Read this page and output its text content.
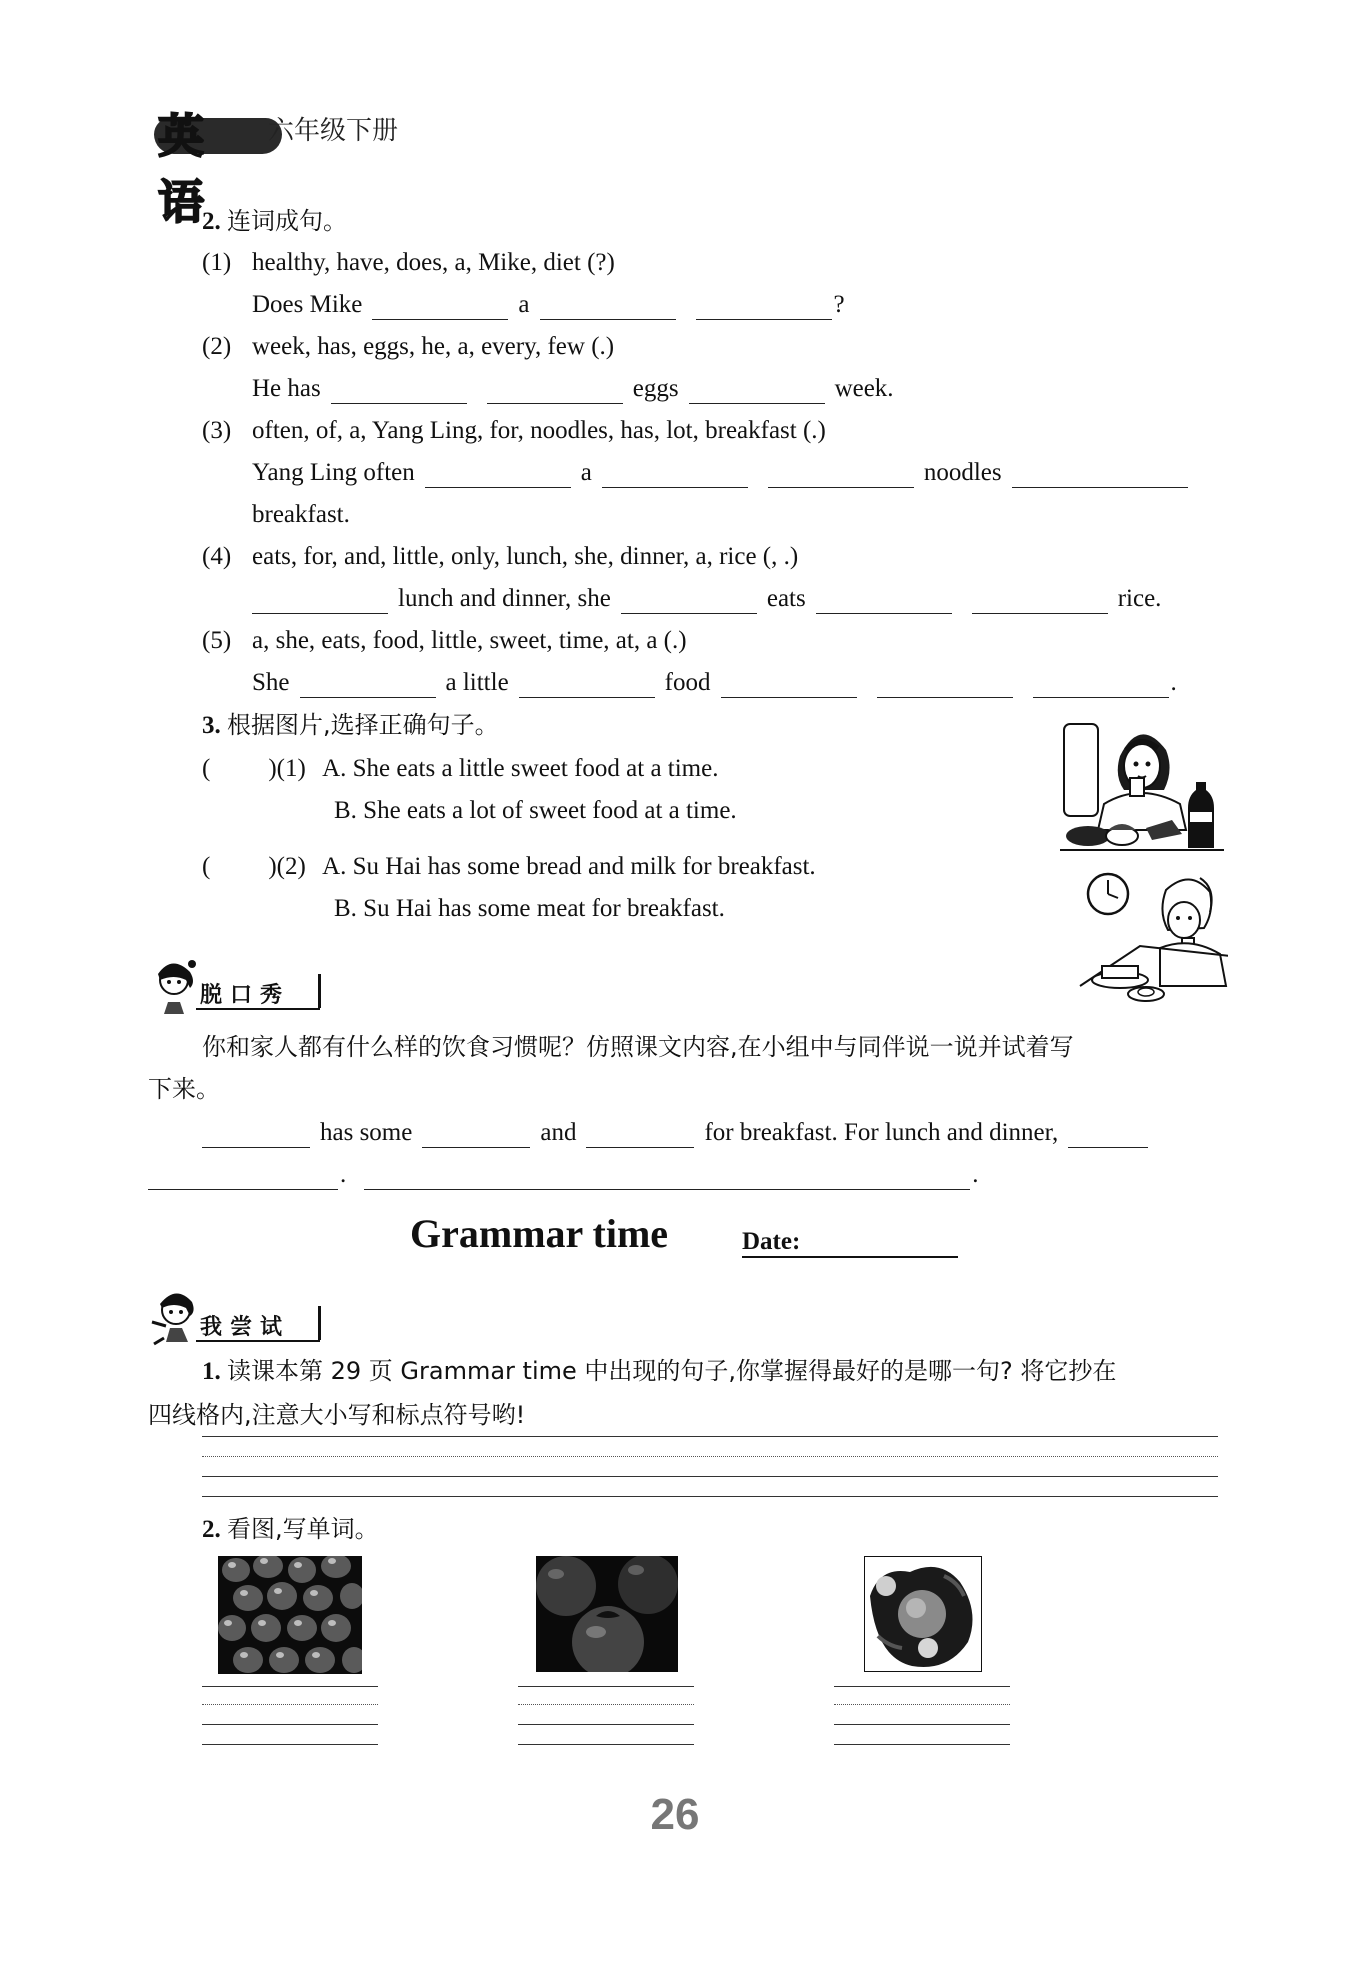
英语
六年级下册
2. 连词成句。
(1) healthy, have, does, a, Mike, diet (?)
Does Mike	a	?
(2) week, has, eggs, he, a, every, few (.)
He has	eggs	week.
(3) often, of, a, Yang Ling, for, noodles, has, lot, breakfast (.)
Yang Ling often	a	noodles
breakfast.
(4) eats, for, and, little, only, lunch, she, dinner, a, rice (, .)
lunch and dinner, she	eats	rice.
(5) a, she, eats, food, little, sweet, time, at, a (.)
She	a little	food	.
3. 根据图片,选择正确句子。
( )(1) A. She eats a little sweet food at a time.
B. She eats a lot of sweet food at a time.
( )(2) A. Su Hai has some bread and milk for breakfast.
B. Su Hai has some meat for breakfast.
脱口秀
你和家人都有什么样的饮食习惯呢？仿照课文内容,在小组中与同伴说一说并试着写
下来。
has some	and	for breakfast. For lunch and dinner,
.	.
Grammar time	Date:
我尝试
1. 读课本第 29 页 Grammar time 中出现的句子,你掌握得最好的是哪一句? 将它抄在
四线格内,注意大小写和标点符号哟!
2. 看图,写单词。
26
